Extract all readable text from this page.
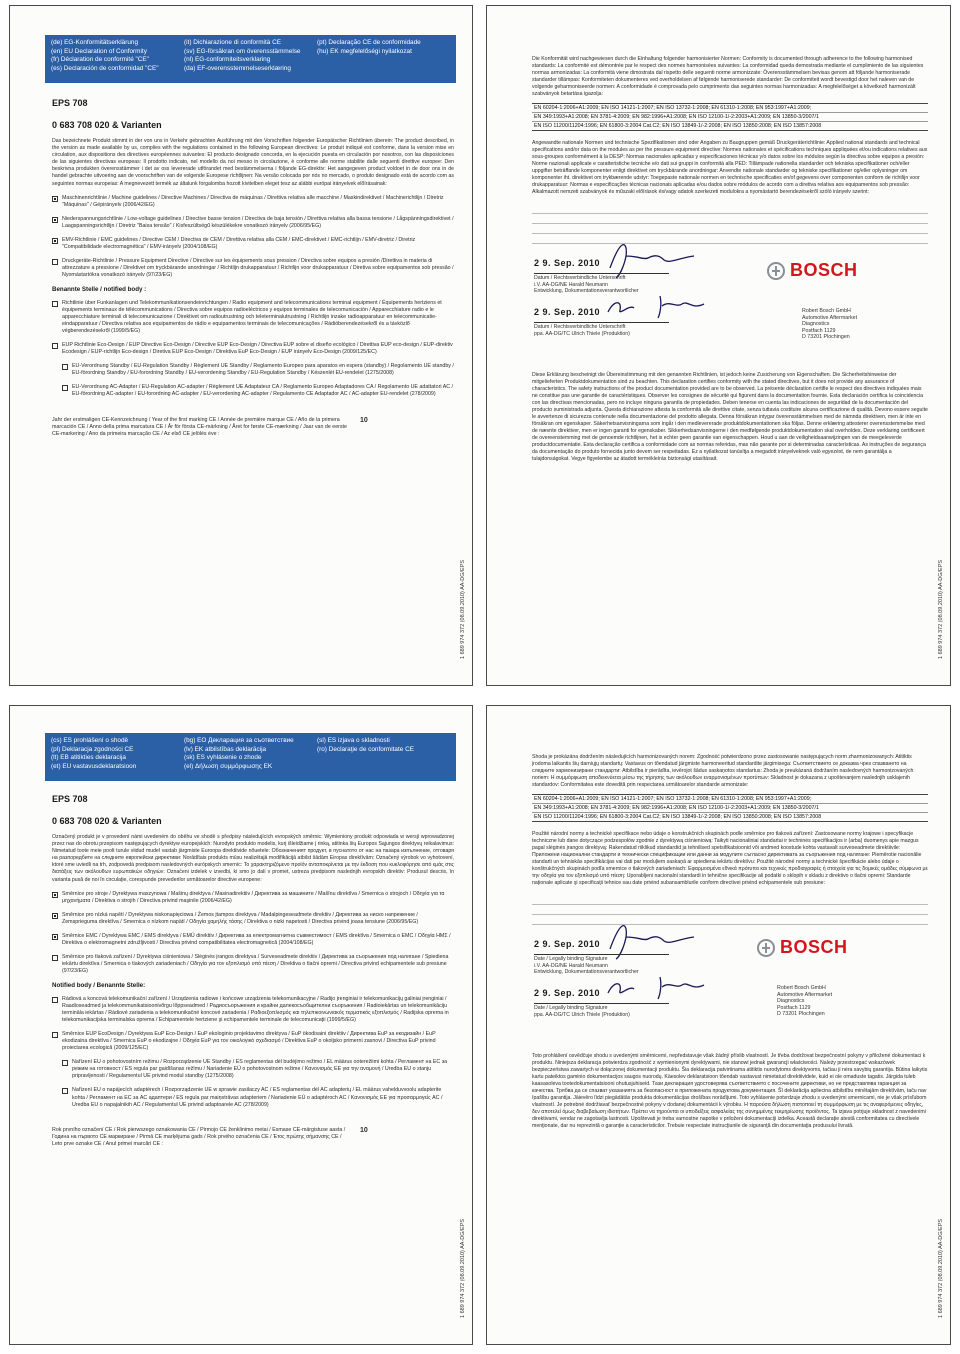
(de) EG-Konformitätserklärung
(en) EU Declaration of Conformity
(fr) Déclaration de conformité "CE"
(es) Declaración de conformidad "CE"
(it) Dichiarazione di conformità CE
(sv) EG-försäkran om överensstämmelse
(nl) EG-conformiteitsverklaring
(da) EF-overensstemmelseserklæring
(pt) Declaração CE de conformidade
(hu) EK megfelelőségi nyilatkozat
EPS 708
0 683 708 020 & Varianten
Das bezeichnete Produkt stimmt in der von uns in Verkehr gebrachten Ausführung mit den Vorschriften folgender Europäischer Richtlinien überein: The product described, in the version as made available by us, complies with the regulations contained in the following European directives: Le produit indiqué est conforme, dans la version mise en circulation, aux dispositions des directives européennes suivantes: El producto designado concorda, en la ejecución puesta en circulación por nosotros, con las disposiciones de las siguientes directivas europeas: Il prodotto indicato, nel modello da noi messo in circolazione, è conforme alle norme stabilite dalle seguenti direttive europee: Den beskrivna produkten överensstämmer i det av oss levererade utförandet med bestämmelserna i följande EG-direktiv: Het aangegeven product voldoet in de door ons in de handel gebrachte uitvoering aan de voorschriften van de volgende Europese richtlijnen: Na versão colocada por nós no mercado, o produto designado está de acordo com as seguintes normas europeias: A megnevezett termék az általunk forgalomba hozott kivitelben eleget tesz az alábbi európai irányelvek előírásainak:
Maschinenrichtlinie / Machine guidelines / Directive Machines / Directiva de máquinas / Direttiva relativa alle macchine / Maskindirektivet / Machinerichtlijn / Diretriz "Máquinas" / Gépirányelv (2006/42/EG)
Niederspannungsrichtlinie / Low-voltage guidelines / Directive basse tension / Directiva de baja tensión / Direttiva relativa alla bassa tensione / Lågspänningsdirektivet / Laagspanningsrichtlijn / Diretriz "Baixa tensão" / Kisfeszültségű készülékekre vonatkozó irányelv (2006/95/EG)
EMV-Richtlinie / EMC guidelines / Directive CEM / Directiva de CEM / Direttiva relativa alla CEM / EMC-direktivet / EMC-richtlijn / EMV-diretriz / Diretriz "Compatibilidade electromagnética" / EMV-irányelv (2004/108/EG)
Druckgeräte-Richtlinie / Pressure Equipment Directive / Directive sur les équipements sous pression / Directiva sobre equipos a presión /Direttiva in materia di attrezzature a pressione / Direktivet om tryckbärande anordningar / Richtlijn drukapparatuur / Richtlijn voor drukapparatuur / Diretiva sobre equipamentos sob pressão / Nyomástartókra vonatkozó irányelv (97/23/EG)
Benannte Stelle / notified body :
Richtlinie über Funkanlagen und Telekommunikationsendeinrichtungen / Radio equipment and telecommunications terminal equipment / Équipements hertziens et équipements terminaux de télécommunications / Directiva sobre equipos radioeléctricos y equipos terminales de telecomunicación / Apparecchiature radio e le apparecchiature terminali di telecomunicazione / Direktivet om radioutrustning och teleterminalutrustning / Richtlijn inzake radioapparatuur en telecommunicatie-eindapparatuur / Directiva relativa aos equipamentos de rádio e equipamentos terminais de telecomunicações / Rádióberendezésekről és a távközlő végberendezésekről (1999/5/EG)
EUP Richtlinie Eco-Design / EUP Directive Eco-Design / Directive EUP Eco-Design / Directiva EUP sobre el diseño ecológico / Direttiva EUP eco-design / EUP-direktiv Ecodesign / EUP-richtlijn Eco-design / Diretiva EUP Eco-Design / Direktiva EuP Eco-Design / EUP irányelv Eco-Design (2009/125/EC)
EU-Verordnung Standby / EU-Regulation Standby / Règlement UE Standby / Reglamento Europeo para aparatos en espera (standby) / Regolamento UE standby / EU-förordning Standby / EU-forordning Standby / EU-verordening Standby / EU-Regulation Standby / Készenlét EU-rendelet (1275/2008)
EU-Verordnung AC-Adapter / EU-Regulation AC-adapter / Règlement UE Adaptateur CA / Reglamento Europeo Adaptadores CA / Regolamento UE adattatori AC / EU-förordning AC-adapter / EU-forordning AC-adapter / EU-verordening AC-adapter / Regulamento CE Adaptador AC / AC-adapter EU-rendelet (278/2009)
Jahr der erstmaligen CE-Kennzeichnung / Year of the first marking CE / Année de première marque CE / Año de la primera marcación CE / Anno della prima marcatura CE / År för första CE-märkning / Året for første CE-mærkning / Jaar van de eerste CE-markering / Ano da primeira marcação CE / Az első CE jelölés éve :
10
1 689 974 372 (08.09.2010) AA-DG/EPS
Die Konformität wird nachgewiesen durch die Einhaltung folgender harmonisierter Normen: Conformity is documented through adherence to the following harmonised standards: La conformité est démontrée par le respect des normes harmonisées suivantes: La conformidad queda demostrada mediante el cumplimiento de las siguientes normas armonizadas: La conformità viene dimostrata dal rispetto delle seguenti norme armonizzate: Överensstämmelsen bevisas genom att följande harmoniserade standarder tillämpas: Konformiteten dokumenteres ved overholdelsen af følgende harmoniserede standarder: De conformiteit wordt bevestigd door het naleven van de volgende geharmoniseerde normen: A conformidade é comprovada pelo cumprimento das seguintes normas harmonizadas: A megfelelőséget a következő harmonizált szabványok betartása igazolja:
EN 60204-1:2006+A1:2009; EN ISO 14121-1:2007; EN ISO 13732-1:2008; EN 61310-1:2008; EN 953:1997+A1:2009;
EN 349:1993+A1:2008; EN 3781-4:2009; EN 982:1996+A1:2008; EN ISO 12100-1/-2:2003+A1:2009; EN 13850-3/2007/1
EN ISO 11200/11204:1996; EN 61800-3:2004 Cat.C2; EN ISO 13849-1/-2:2008; EN ISO 13850:2008; EN ISO 13857:2008
Angewandte nationale Normen und technische Spezifikationen sind oder Angaben zu Baugruppen gemäß Druckgeräterichtlinie: Applied national standards and technical specifications and/or data on the modules as per the pressure equipment directive: Normes nationales et spécifications techniques appliquées et/ou indications relatives aux sous-groupes conformément à la DESP: Normas nacionales aplicadas y especificaciones técnicas y/o datos sobre los módulos según la directiva sobre equipos a presión: Norme nazionali applicate e caratteristiche tecniche e/o dati sui gruppi in conformità alla PED: Tillämpade nationella standarder och tekniska specifikationer och/eller uppgifter beträffande komponenter enligt direktivet om tryckbärande anordningar: Anvendte nationale standarder og tekniske specifikationer og/eller oplysninger om komponenter iht. direktivet om trykbærende udstyr: Toegepaste nationale normen en technische specificaties en/of gegevens over componenten conform de richtlijn voor drukapparatuur: Normas e especificações técnicas nacionais aplicadas e/ou dados sobre módulos de acordo com a diretiva relativa aos equipamentos sob pressão: Alkalmazott nemzeti szabványok és műszaki előírások és/vagy adatok szerkezeti modulokra a nyomástartó berendezésekről szóló irányelv szerint:
2 9. Sep. 2010
Datum / Rechtsverbindliche Unterschrift
i.V. AA-DG/NE Harald Neumann
Entwicklung, Dokumentationsverantwortlicher
2 9. Sep. 2010
Datum / Rechtsverbindliche Unterschrift
ppa. AA-DG/TC Ulrich Thiele (Produktion)
BOSCH
Robert Bosch GmbH
Automotive Aftermarket
Diagnostics
Postfach 1129
D 73201 Plochingen
Diese Erklärung bescheinigt die Übereinstimmung mit den genannten Richtlinien, ist jedoch keine Zusicherung von Eigenschaften. Die Sicherheitshinweise der mitgelieferten Produktdokumentation sind zu beachten. This declaration certifies conformity with the stated directives, but it does not provide any assurance of characteristics. The safety instructions of the product documentation provided are to be observed. La présente déclaration certifie le respect des directives indiquées mais ne constitue pas une garantie de caractéristiques. Observer les consignes de sécurité qui figurent dans la documentation fournie. Esta declaración certifica la coincidencia con las directivas mencionadas, pero no incluye ninguna garantía de propiedades. Deben tenerse en cuenta las indicaciones de seguridad de la documentación del producto suministrada adjunta. Questa dichiarazione attesta la conformità alle direttive citate, senza tuttavia costituire alcuna certificazione di qualità. Devono essere seguite le avvertenze di sicurezza contenute nella documentazione del prodotto allegata. Denna försäkran intygar överensstämmelsen med de nämnda direktiven, men är inte en försäkran om egenskaper. Säkerhetsanvisningarna som ingår i den medlevererade produktdokumentationen ska följas. Denne erklæring attesterer overensstemmelse med de nævnte direktiver, men er ingen garanti for egenskaber. Sikkerhedsanvisningerne i den medfølgende produktdokumentation skal overholdes. Deze verklaring certificeert de overeenstemming met de genoemde richtlijnen, het is echter geen garantie van eigenschappen. Houd u aan de veiligheidsaanwijzingen van de meegeleverde productdocumentatie. Esta declaração certifica a conformidade com as normas referidas, mas não garante por si determinadas características. As instruções de segurança da documentação do produto fornecida junto devem ser respeitadas. Ez a nyilatkozat tanúsítja a megadott irányelveknek való egyezést, de nem garantálja a tulajdonságokat. Vegye figyelembe az átadott termékleírás biztonsági utasításait.
1 689 974 372 (08.09.2010) AA-DG/EPS
(cs) ES prohlášení o shodě
(pl) Deklaracja zgodności CE
(lt) EB atitikties deklaracija
(et) EÜ vastavusdeklaratsioon
(bg) ЕО Декларация за съответствие
(lv) EK atbilstības deklarācija
(sk) ES vyhlásenie o zhode
(el) Δήλωση συμμόρφωσης ΕΚ
(sl) ES izjava o skladnosti
(ro) Declaraţie de conformitate CE
EPS 708
0 683 708 020 & Varianten
Označený produkt je v provedení námi uvedeném do oběhu ve shodě s předpisy následujících evropských směrnic: Wymieniony produkt odpowiada w wersji wprowadzonej przez nas do obrotu przepisom następujących dyrektyw europejskich: Nurodyto produkto modelis, kurį išleidžiame į rinką, atitinka šių Europos Sąjungos direktyvų reikalavimus: Nimetatud toote meie poolt turule viidud mudel vastab järgmiste Euroopa direktiivide nõuetele: Обозначеният продукт, в пуснатото от нас на пазара изпълнение, отговаря на разпоредбите на следните европейски директиви: Norādītais produkts mūsu realizētajā modifikācijā atbilst šādām Eiropas direktīvām: Označený výrobok vo vyhotovení, ktoré sme uviedli na trh, zodpovedá predpisom nasledovných európskych smerníc: Το χαρακτηριζόμενο προϊόν ανταποκρίνεται με την έκδοση που κυκλοφόρησε από εμάς στις διατάξεις των ακόλουθων ευρωπαϊκών οδηγιών: Označeni izdelek v izvedbi, ki smo jo dali v promet, ustreza predpisom naslednjih evropskih direktiv: Produsul descris, în varianta pusă de noi în circulaţie, corespunde prevederilor următoarelor directive europene:
Směrnice pro stroje / Dyrektywa maszynowa / Mašinų direktyva / Masinadirektiiv / Директива за машините / Mašīnu direktīva / Smernica o strojoch / Οδηγία για τα μηχανήματα / Direktiva o strojih / Directiva privind maşinile (2006/42/EG)
Směrnice pro nízká napětí / Dyrektywa niskonapięciowa / Žemos įtampos direktyva / Madalpingeseadmete direktiiv / Директива за ниско напрежение / Zemsprieguma direktīva / Smernica o nízkom napätí / Οδηγία χαμηλής τάσης / Direktiva o nizki napetosti / Directiva privind joasa tensiune (2006/95/EG)
Směrnice EMC / Dyrektywa EMC / EMS direktyva / EMÜ direktiiv / Директива за електромагнитна съвместимост / EMS direktīva / Smernica o EMC / Οδηγία ΗΜΣ / Direktiva o elektromagnetni združljivosti / Directiva privind compatibilitatea electromagnetică (2004/108/EG)
Směrnice pro tlaková zařízení / Dyrektywa ciśnieniowa / Slėginės įrangos direktyva / Surveseadmete direktiiv / Директива за съоръжения под налягане / Spiediena iekārtu direktīva / Smernica o tlakových zariadeniach / Οδηγία για τον εξοπλισμό υπό πίεση / Direktiva o tlačni opremi / Directiva privind echipamentele sub presiune (97/23/EG)
Notified body / Benannte Stelle:
Rádiová a koncová telekomunikační zařízení / Urządzenia radiowe i końcowe urządzenia telekomunikacyjne / Radijo įrenginiai ir telekomunikacijų galiniai įrenginiai / Raadioseadmed ja telekommunikatsioonivõrgu lõppseadmed / Радиосъоръжения и крайни далекосъобщителни съоръжения / Radioiekārtas un telekomunikāciju termināla iekārtas / Rádiové zariadenia a telekomunikačné koncové zariadenia / Ραδιοεξοπλισμός και τηλεπικοινωνιακός τερματικός εξοπλισμός / Radijska oprema in telekomunikacijska terminalska oprema / Echipamentele hertziene şi echipamentele terminale de telecomunicaţii (1999/5/EG)
Směrnice EUP EcoDesign / Dyrektywa EuP Eco-Design / EuP ekologinio projektavimo direktyva / EuP ökodisaini direktiiv / Директива EuP за екодизайн / EuP ekodizaina direktīva / Smernica EuP o ekodizajne / Οδηγία EuP για τον οικολογικό σχεδιασμό / Direktiva EuP o okoljsko primerni zasnovi / Directiva EuP privind proiectarea ecologică (2009/125/EC)
Nařízení EU o pohotovostním režimu / Rozporządzenie UE Standby / ES reglamentas dėl budėjimo režimo / EL määrus ooterežiimi kohta / Регламент на ЕС за режим на готовност / ES regula par gaidīšanas režīmu / Nariadenie EÚ o pohotovostnom režime / Κανονισμός ΕΕ για την αναμονή / Uredba EU o stanju pripravljenosti / Regulamentul UE privind modul standby (1275/2008)
Nařízení EU o napájecích adaptérech / Rozporządzenie UE w sprawie zasilaczy AC / ES reglamentas dėl AC adapterių / EL määrus vahelduvvoolu adapterite kohta / Регламент на ЕС за AC адаптери / ES regula par maiņstrāvas adapteriem / Nariadenie EÚ o adaptéroch AC / Κανονισμός ΕΕ για προσαρμογείς AC / Uredba EU o napajalnikih AC / Regulamentul UE privind adaptoarele AC (278/2009)
Rok prvního označení CE / Rok pierwszego oznakowania CE / Pirmojo CE ženklinimo metai / Esmase CE-märgistuse aasta / Година на първото CE маркиране / Pirmā CE marķējuma gads / Rok prvého označenia CE / Έτος πρώτης σήμανσης CE / Leto prve oznake CE / Anul primei marcări CE :
10
1 689 974 372 (08.09.2010) AA-DG/EPS
Shoda je prokázána dodržením následujících harmonizovaných norem: Zgodność potwierdzono przez zastosowanie następujących norm zharmonizowanych: Atitiktis įrodoma laikantis šių darniųjų standartų: Vastavus on tõendatud järgmiste harmoneeritud standardite järgimisega: Съответствието се доказва чрез спазването на следните хармонизирани стандарти: Atbilstība ir pierādīta, ievērojot šādus saskaņotos standartus: Zhoda je preukázaná dodržaním nasledovných harmonizovaných noriem: Η συμμόρφωση αποδεικνύεται μέσω της τήρησης των ακόλουθων εναρμονισμένων προτύπων: Skladnost je dokazana z upoštevanjem naslednjih usklajenih standardov: Conformitatea este dovedită prin respectarea următoarelor standarde armonizate:
EN 60204-1:2006+A1:2009; EN ISO 14121-1:2007; EN ISO 13732-1:2008; EN 61310-1:2008; EN 953:1997+A1:2009;
EN 349:1993+A1:2008; EN 3781-4:2009; EN 982:1996+A1:2008; EN ISO 12100-1/-2:2003+A1:2009; EN 13850-3/2007/1
EN ISO 11200/11204:1996; EN 61800-3:2004 Cat.C2; EN ISO 13849-1/-2:2008; EN ISO 13850:2008; EN ISO 13857:2008
Použité národní normy a technické specifikace nebo údaje o konstrukčních skupinách podle směrnice pro tlaková zařízení: Zastosowane normy krajowe i specyfikacje techniczne lub dane dotyczące podzespołów zgodnie z dyrektywą ciśnieniową: Taikyti nacionaliniai standartai ir techninės specifikacijos ir (arba) duomenys apie mazgus pagal slėginės įrangos direktyvą: Rakendatud riiklikud standardid ja tehnilised spetsifikatsioonid või andmed koostude kohta vastavalt surveseadmete direktiivile: Приложени национални стандарти и технически спецификации или данни за модулите съгласно директивата за съоръжения под налягане: Piemērotie nacionālie standarti un tehniskās specifikācijas vai dati par moduļiem saskaņā ar spiediena iekārtu direktīvu: Použité národné normy a technické špecifikácie alebo údaje o konštrukčných skupinách podľa smernice o tlakových zariadeniach: Εφαρμοσμένα εθνικά πρότυπα και τεχνικές προδιαγραφές ή στοιχεία για τις δομικές ομάδες σύμφωνα με την οδηγία για τον εξοπλισμό υπό πίεση: Uporabljeni nacionalni standardi in tehnične specifikacije ali podatki o sklopih v skladu z direktivo o tlačni opremi: Standarde naţionale aplicate şi specificaţii tehnice sau date privind subansamblurile conform directivei privind echipamentele sub presiune:
2 9. Sep. 2010
Date / Legally binding Signature
i.V. AA-DG/NE Harald Neumann
Entwicklung, Dokumentationsverantwortlicher
2 9. Sep. 2010
Date / Legally binding Signature
ppa. AA-DG/TC Ulrich Thiele (Produktion)
BOSCH
Robert Bosch GmbH
Automotive Aftermarket
Diagnostics
Postfach 1129
D 73201 Plochingen
Toto prohlášení osvědčuje shodu s uvedenými směrnicemi, nepředstavuje však žádný příslib vlastností. Je třeba dodržovat bezpečnostní pokyny v přiložené dokumentaci k produktu. Niniejsza deklaracja potwierdza zgodność z wymienionymi dyrektywami, nie stanowi jednak gwarancji właściwości. Należy przestrzegać wskazówek bezpieczeństwa zawartych w dołączonej dokumentacji produktu. Šia deklaracija patvirtinama atitiktis nurodytoms direktyvoms, tačiau ji nėra savybių garantija. Būtina laikytis kartu pateiktos gaminio dokumentacijos saugos nuorodų. Käesolev deklaratsioon tõendab vastavust nimetatud direktiividele, kuid ei ole omaduste tagatis. Järgida tuleb kaasasoleva tootedokumentatsiooni ohutusjuhiseid. Тази декларация удостоверява съответствието с посочените директиви, но не представлява гаранция за качества. Трябва да се спазват указанията за безопасност в приложената продуктова документация. Šī deklarācija apliecina atbilstību minētajām direktīvām, taču nav īpašību garantija. Jāievēro līdzi piegādātās produkta dokumentācijas drošības norādījumi. Toto vyhlásenie potvrdzuje zhodu s uvedenými smernicami, nie je však prísľubom vlastností. Je potrebné dodržiavať bezpečnostné pokyny v dodanej dokumentácii k výrobku. Η παρούσα δήλωση πιστοποιεί τη συμμόρφωση με τις αναφερόμενες οδηγίες, δεν αποτελεί όμως διαβεβαίωση ιδιοτήτων. Πρέπει να τηρούνται οι υποδείξεις ασφαλείας της συνημμένης τεκμηρίωσης προϊόντος. Ta izjava potrjuje skladnost z navedenimi direktivami, vendar ne zagotavlja lastnosti. Upoštevati je treba varnostne napotke v priloženi dokumentaciji izdelka. Această declaraţie atestă conformitatea cu directivele menţionate, dar nu reprezintă o garanţie a caracteristicilor. Trebuie respectate instrucţiunile de siguranţă din documentaţia produsului livrată.
1 689 974 372 (08.09.2010) AA-DG/EPS
